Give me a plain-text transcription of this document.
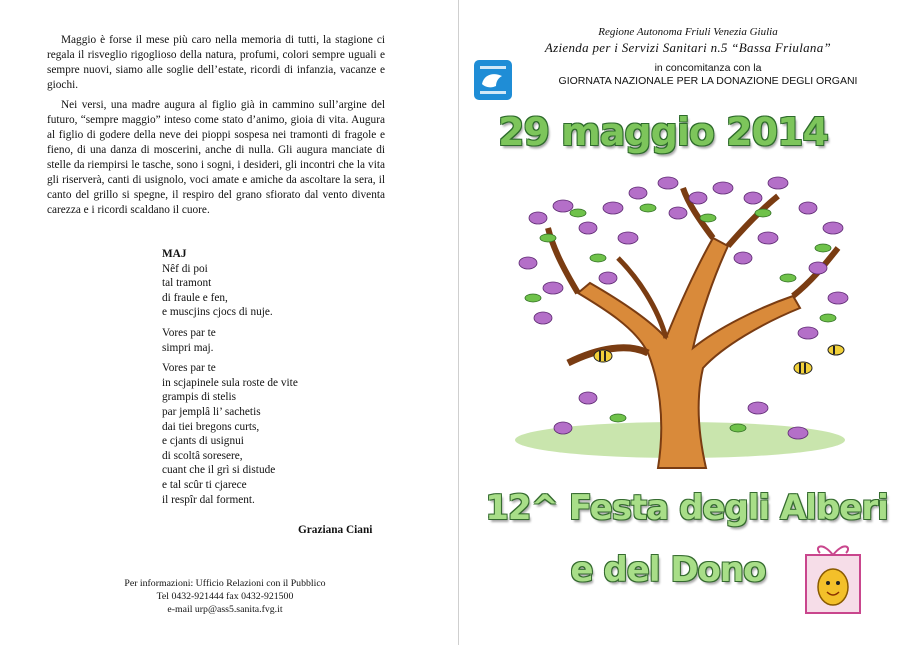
Maggio è forse il mese più caro nella memoria di tutti, la stagione ci regala il risveglio rigoglioso della natura, profumi, colori sempre uguali e sempre nuovi, siamo alle soglie dell’estate, ricordi di infanzia, vacanze e giochi.

Nei versi, una madre augura al figlio già in cammino sull’argine del futuro, “sempre maggio” inteso come stato d’animo, gioia di vita. Augura al figlio di godere della neve dei pioppi sospesa nei tramonti di fragole e fieno, di una danza di moscerini, anche di nulla. Gli augura manciate di stelle da riempirsi le tasche, sono i sogni, i desideri, gli incontri che la vita gli riserverà, canti di usignolo, voci amate e amiche da ascoltare la sera, il canto del grillo si spegne, il respiro del grano sfiorato dal vento diventa carezza e i ricordi scaldano il cuore.

MAJ
Nêf di poi
tal tramont
di fraule e fen,
e muscjins cjocs di nuje.
Vores par te
simpri maj.
Vores par te
in scjapinele sula roste de vite
grampis di stelis
par jemplâ li’ sachetis
dai tiei bregons curts,
e cjants di usignui
di scoltâ soresere,
cuant che il grì si distude
e tal scûr ti cjarece
il respîr dal forment.
Graziana Ciani
Per informazioni: Ufficio Relazioni con il Pubblico
Tel 0432-921444 fax 0432-921500
e-mail urp@ass5.sanita.fvg.it
Regione Autonoma Friuli Venezia Giulia
Azienda per i Servizi Sanitari n.5 “Bassa Friulana”
in concomitanza con la
GIORNATA NAZIONALE PER LA DONAZIONE DEGLI ORGANI
29 maggio 2014
12^ Festa degli Alberi
e del Dono
